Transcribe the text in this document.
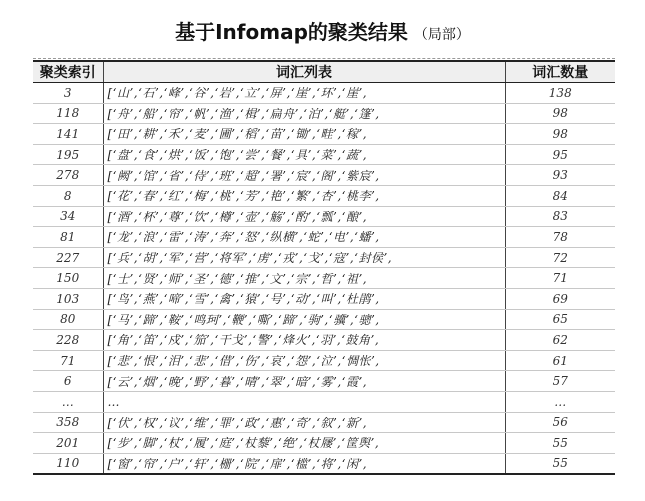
基于Infomap的聚类结果 （局部）
聚类索引	词汇列表	词汇数量
3	[‘山’,‘石’,‘峰’,‘谷’,‘岩’,‘立’,‘屏’,‘崖’,‘环’,‘崖’,	138
118	[‘舟’,‘船’,‘帘’,‘帆’,‘渔’,‘楫’,‘扁舟’,‘泊’,‘艇’,‘篷’,	98
141	[‘田’,‘耕’,‘禾’,‘麦’,‘圃’,‘稻’,‘苗’,‘锄’,‘畦’,‘稼’,	98
195	[‘盘’,‘食’,‘烘’,‘饭’,‘饱’,‘尝’,‘餐’,‘具’,‘菜’,‘蔬’,	95
278	[‘阙’,‘馆’,‘省’,‘侍’,‘班’,‘超’,‘署’,‘宸’,‘阁’,‘紫宸’,	93
8	[‘花’,‘春’,‘红’,‘梅’,‘桃’,‘芳’,‘艳’,‘繁’,‘杏’,‘桃李’,	84
34	[‘酒’,‘杯’,‘尊’,‘饮’,‘樽’,‘壶’,‘觞’,‘酌’,‘瓢’,‘酿’,	83
81	[‘龙’,‘浪’,‘雷’,‘涛’,‘奔’,‘怒’,‘纵横’,‘蛇’,‘电’,‘蟠’,	78
227	[‘兵’,‘胡’,‘军’,‘营’,‘将军’,‘虏’,‘戎’,‘戈’,‘寇’,‘封侯’,	72
150	[‘士’,‘贤’,‘师’,‘圣’,‘德’,‘推’,‘文’,‘宗’,‘哲’,‘祖’,	71
103	[‘鸟’,‘燕’,‘啼’,‘雪’,‘禽’,‘猿’,‘号’,‘动’,‘叫’,‘杜鹃’,	69
80	[‘马’,‘蹄’,‘鞍’,‘鸣珂’,‘鞭’,‘嘶’,‘蹄’,‘驹’,‘骥’,‘骢’,	65
228	[‘角’,‘笛’,‘戍’,‘笳’,‘干戈’,‘警’,‘烽火’,‘羽’,‘鼓角’,	62
71	[‘悲’,‘恨’,‘泪’,‘悲’,‘借’,‘伤’,‘哀’,‘怨’,‘泣’,‘惆怅’,	61
6	[‘云’,‘烟’,‘晚’,‘野’,‘暮’,‘晴’,‘翠’,‘暗’,‘雾’,‘霞’,	57
…	…	…
358	[‘伏’,‘权’,‘议’,‘维’,‘罪’,‘政’,‘惠’,‘奇’,‘叙’,‘新’,	56
201	[‘步’,‘脚’,‘杖’,‘履’,‘庭’,‘杖藜’,‘绝’,‘杖屦’,‘筐舆’,	55
110	[‘窗’,‘帘’,‘户’,‘轩’,‘栅’,‘院’,‘扉’,‘槛’,‘将’,‘闲’,	55
